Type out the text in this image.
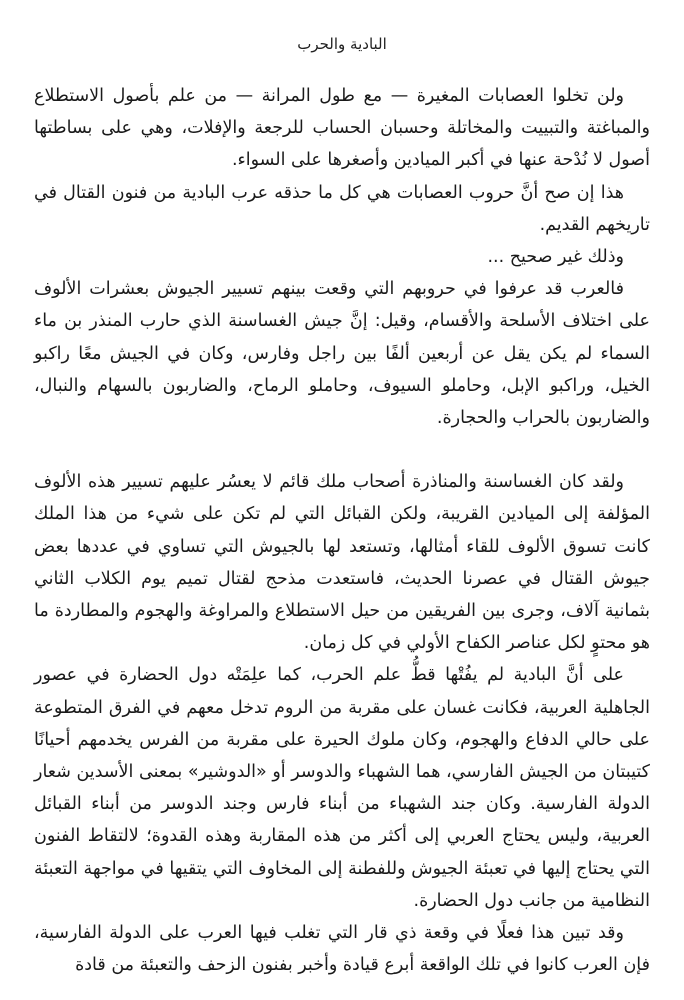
البادية والحرب

ولن تخلوا العصابات المغيرة — مع طول المرانة — من علم بأصول الاستطلاع والمباغتة والتبييت والمخاتلة وحسبان الحساب للرجعة والإفلات، وهي على بساطتها أصول لا نُدْحة عنها في أكبر الميادين وأصغرها على السواء.

هذا إن صح أنَّ حروب العصابات هي كل ما حذقه عرب البادية من فنون القتال في تاريخهم القديم.

وذلك غير صحيح ...

فالعرب قد عرفوا في حروبهم التي وقعت بينهم تسيير الجيوش بعشرات الألوف على اختلاف الأسلحة والأقسام، وقيل: إنَّ جيش الغساسنة الذي حارب المنذر بن ماء السماء لم يكن يقل عن أربعين ألفًا بين راجل وفارس، وكان في الجيش معًا راكبو الخيل، وراكبو الإبل، وحاملو السيوف، وحاملو الرماح، والضاربون بالسهام والنبال، والضاربون بالحراب والحجارة.

ولقد كان الغساسنة والمناذرة أصحاب ملك قائم لا يعسُر عليهم تسيير هذه الألوف المؤلفة إلى الميادين القريبة، ولكن القبائل التي لم تكن على شيء من هذا الملك كانت تسوق الألوف للقاء أمثالها، وتستعد لها بالجيوش التي تساوي في عددها بعض جيوش القتال في عصرنا الحديث، فاستعدت مذحج لقتال تميم يوم الكلاب الثاني بثمانية آلاف، وجرى بين الفريقين من حيل الاستطلاع والمراوغة والهجوم والمطاردة ما هو محتوٍ لكل عناصر الكفاح الأولي في كل زمان.

على أنَّ البادية لم يفُتْها قطُّ علم الحرب، كما علِمَتْه دول الحضارة في عصور الجاهلية العربية، فكانت غسان على مقربة من الروم تدخل معهم في الفرق المتطوعة على حالي الدفاع والهجوم، وكان ملوك الحيرة على مقربة من الفرس يخدمهم أحيانًا كتيبتان من الجيش الفارسي، هما الشهباء والدوسر أو «الدوشير» بمعنى الأسدين شعار الدولة الفارسية. وكان جند الشهباء من أبناء فارس وجند الدوسر من أبناء القبائل العربية، وليس يحتاج العربي إلى أكثر من هذه المقاربة وهذه القدوة؛ لالتقاط الفنون التي يحتاج إليها في تعبئة الجيوش وللفطنة إلى المخاوف التي يتقيها في مواجهة التعبئة النظامية من جانب دول الحضارة.

وقد تبين هذا فعلًا في وقعة ذي قار التي تغلب فيها العرب على الدولة الفارسية، فإن العرب كانوا في تلك الواقعة أبرع قيادة وأخبر بفنون الزحف والتعبئة من قادة
